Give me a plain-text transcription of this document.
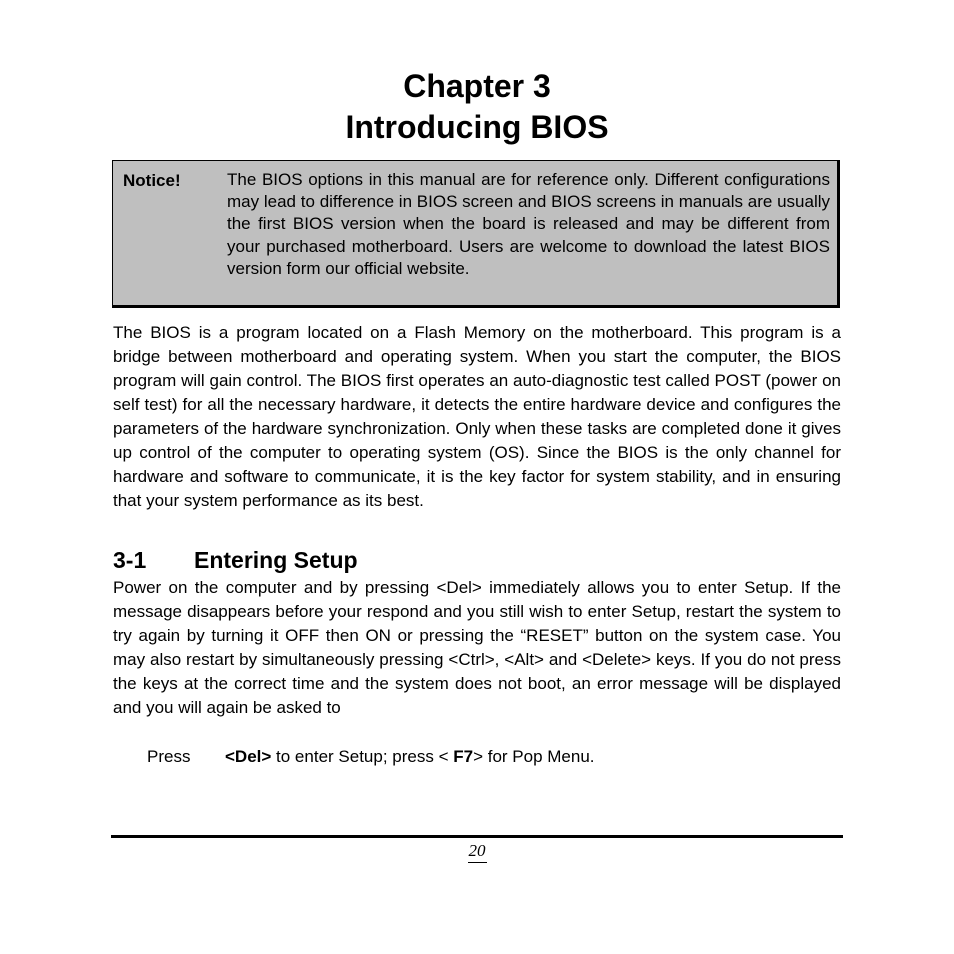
Chapter 3
Introducing BIOS
Notice!	The BIOS options in this manual are for reference only. Different configurations may lead to difference in BIOS screen and BIOS screens in manuals are usually the first BIOS version when the board is released and may be different from your purchased motherboard. Users are welcome to download the latest BIOS version form our official website.

The BIOS is a program located on a Flash Memory on the motherboard. This program is a bridge between motherboard and operating system. When you start the computer, the BIOS program will gain control. The BIOS first operates an auto-diagnostic test called POST (power on self test) for all the necessary hardware, it detects the entire hardware device and configures the parameters of the hardware synchronization. Only when these tasks are completed done it gives up control of the computer to operating system (OS). Since the BIOS is the only channel for hardware and software to communicate, it is the key factor for system stability, and in ensuring that your system performance as its best.

3-1 Entering Setup

Power on the computer and by pressing <Del> immediately allows you to enter Setup. If the message disappears before your respond and you still wish to enter Setup, restart the system to try again by turning it OFF then ON or pressing the “RESET” button on the system case. You may also restart by simultaneously pressing <Ctrl>, <Alt> and <Delete> keys. If you do not press the keys at the correct time and the system does not boot, an error message will be displayed and you will again be asked to

Press <Del> to enter Setup; press < F7> for Pop Menu.
20
